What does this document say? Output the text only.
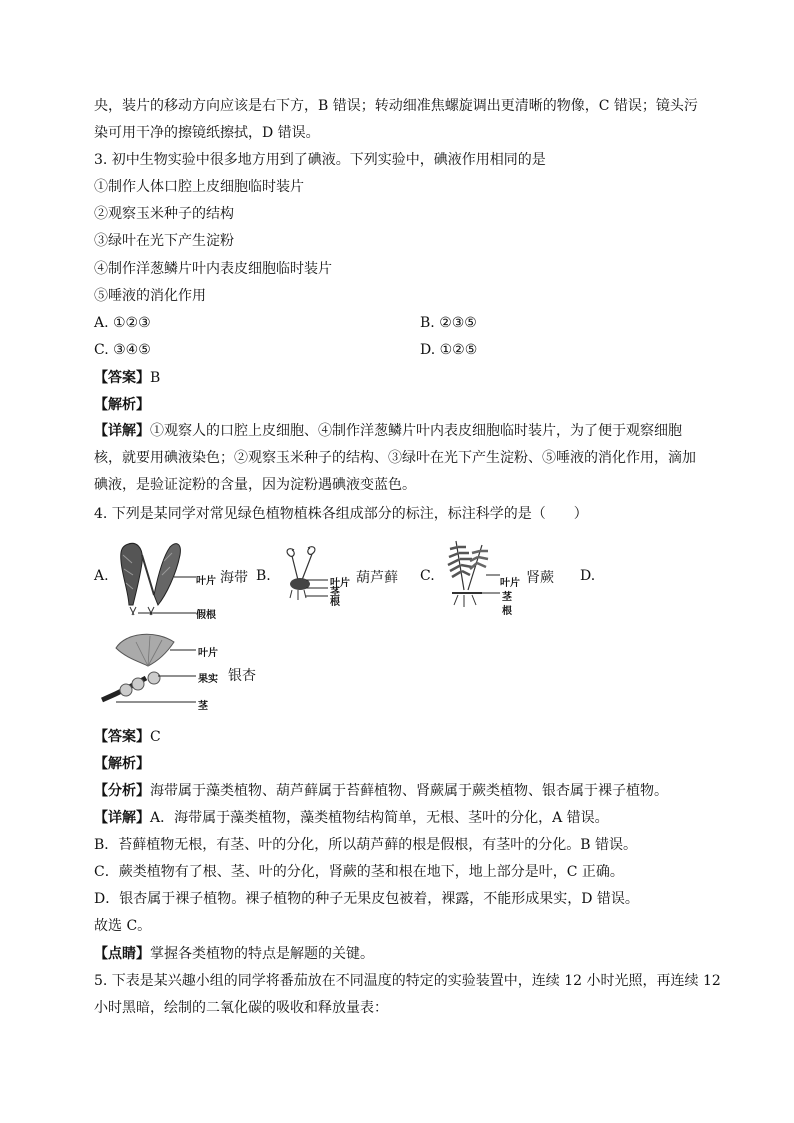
央，装片的移动方向应该是右下方，B 错误；转动细准焦螺旋调出更清晰的物像，C 错误；镜头污
染可用干净的擦镜纸擦拭，D 错误。
3. 初中生物实验中很多地方用到了碘液。下列实验中，碘液作用相同的是
①制作人体口腔上皮细胞临时装片
②观察玉米种子的结构
③绿叶在光下产生淀粉
④制作洋葱鳞片叶内表皮细胞临时装片
⑤唾液的消化作用
A. ①②③	B. ②③⑤
C. ③④⑤	D. ①②⑤
【答案】B
【解析】
【详解】①观察人的口腔上皮细胞、④制作洋葱鳞片叶内表皮细胞临时装片，为了便于观察细胞核，就要用碘液染色；②观察玉米种子的结构、③绿叶在光下产生淀粉、⑤唾液的消化作用，滴加碘液，是验证淀粉的含量，因为淀粉遇碘液变蓝色。
4. 下列是某同学对常见绿色植物植株各组成部分的标注，标注科学的是（　　）
A.	叶片
假根
海带 B.	叶片
茎
根
葫芦藓 C.	叶片
茎
根
肾蕨 D.
叶片
果实
茎
银杏
【答案】C
【解析】
【分析】海带属于藻类植物、葫芦藓属于苔藓植物、肾蕨属于蕨类植物、银杏属于裸子植物。
【详解】A．海带属于藻类植物，藻类植物结构简单，无根、茎叶的分化，A 错误。
B．苔藓植物无根，有茎、叶的分化，所以葫芦藓的根是假根，有茎叶的分化。B 错误。
C．蕨类植物有了根、茎、叶的分化，肾蕨的茎和根在地下，地上部分是叶，C 正确。
D．银杏属于裸子植物。裸子植物的种子无果皮包被着，裸露，不能形成果实，D 错误。
故选 C。
【点睛】掌握各类植物的特点是解题的关键。
5. 下表是某兴趣小组的同学将番茄放在不同温度的特定的实验装置中，连续 12 小时光照，再连续 12
小时黑暗，绘制的二氧化碳的吸收和释放量表：
